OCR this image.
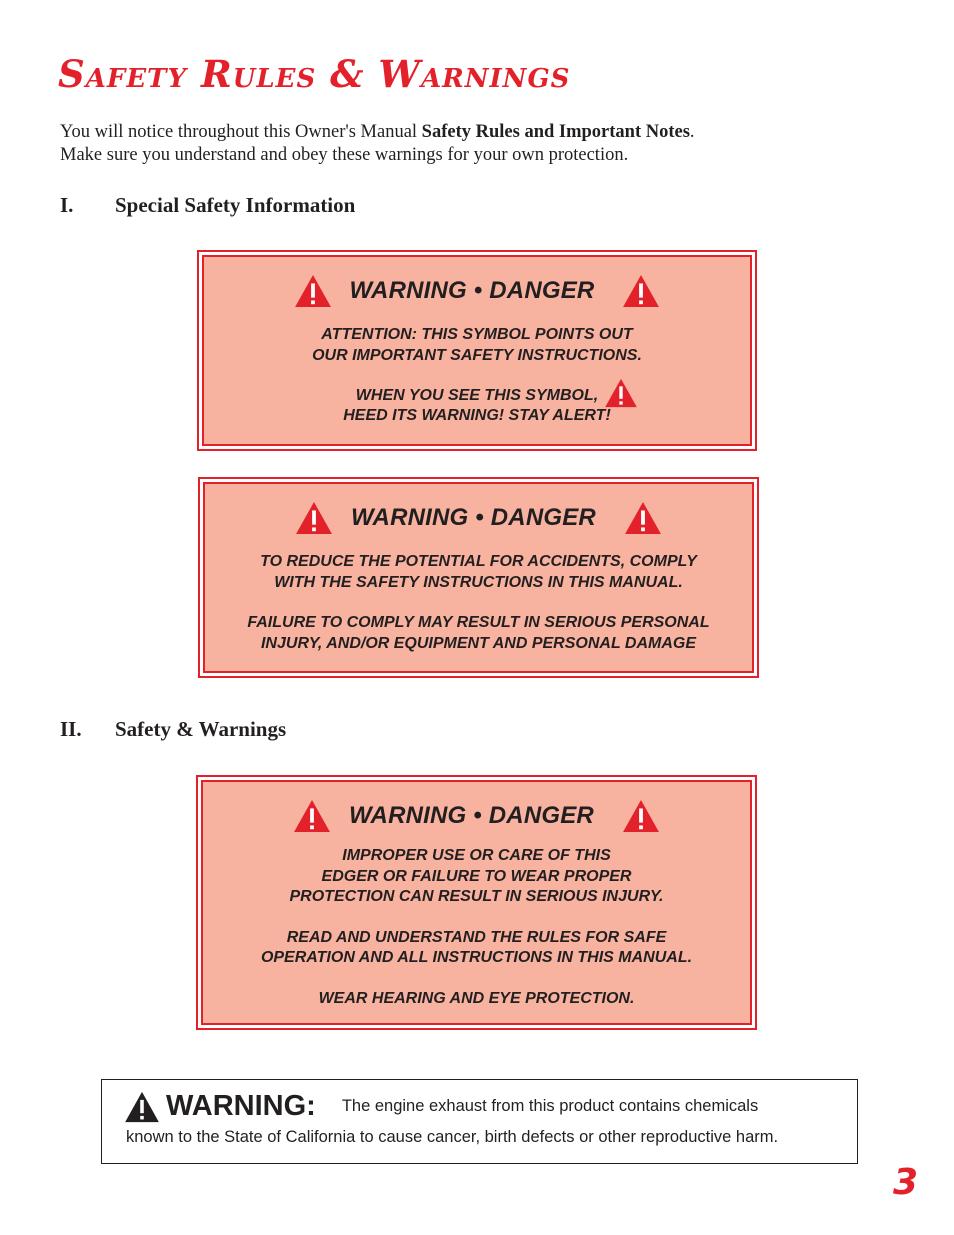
Safety Rules & Warnings
You will notice throughout this Owner's Manual Safety Rules and Important Notes.
Make sure you understand and obey these warnings for your own protection.
I.	Special Safety Information
WARNING • DANGER

ATTENTION: THIS SYMBOL POINTS OUT

OUR IMPORTANT SAFETY INSTRUCTIONS.

WHEN YOU SEE THIS SYMBOL,

HEED ITS WARNING! STAY ALERT!

WARNING • DANGER

TO REDUCE THE POTENTIAL FOR ACCIDENTS, COMPLY

WITH THE SAFETY INSTRUCTIONS IN THIS MANUAL.

FAILURE TO COMPLY MAY RESULT IN SERIOUS PERSONAL

INJURY, AND/OR EQUIPMENT AND PERSONAL DAMAGE

II.	Safety & Warnings
WARNING • DANGER

IMPROPER USE OR CARE OF THIS

EDGER OR FAILURE TO WEAR PROPER

PROTECTION CAN RESULT IN SERIOUS INJURY.

READ AND UNDERSTAND THE RULES FOR SAFE

OPERATION AND ALL INSTRUCTIONS IN THIS MANUAL.

WEAR HEARING AND EYE PROTECTION.

WARNING: The engine exhaust from this product contains chemicals
known to the State of California to cause cancer, birth defects or other reproductive harm.

3
